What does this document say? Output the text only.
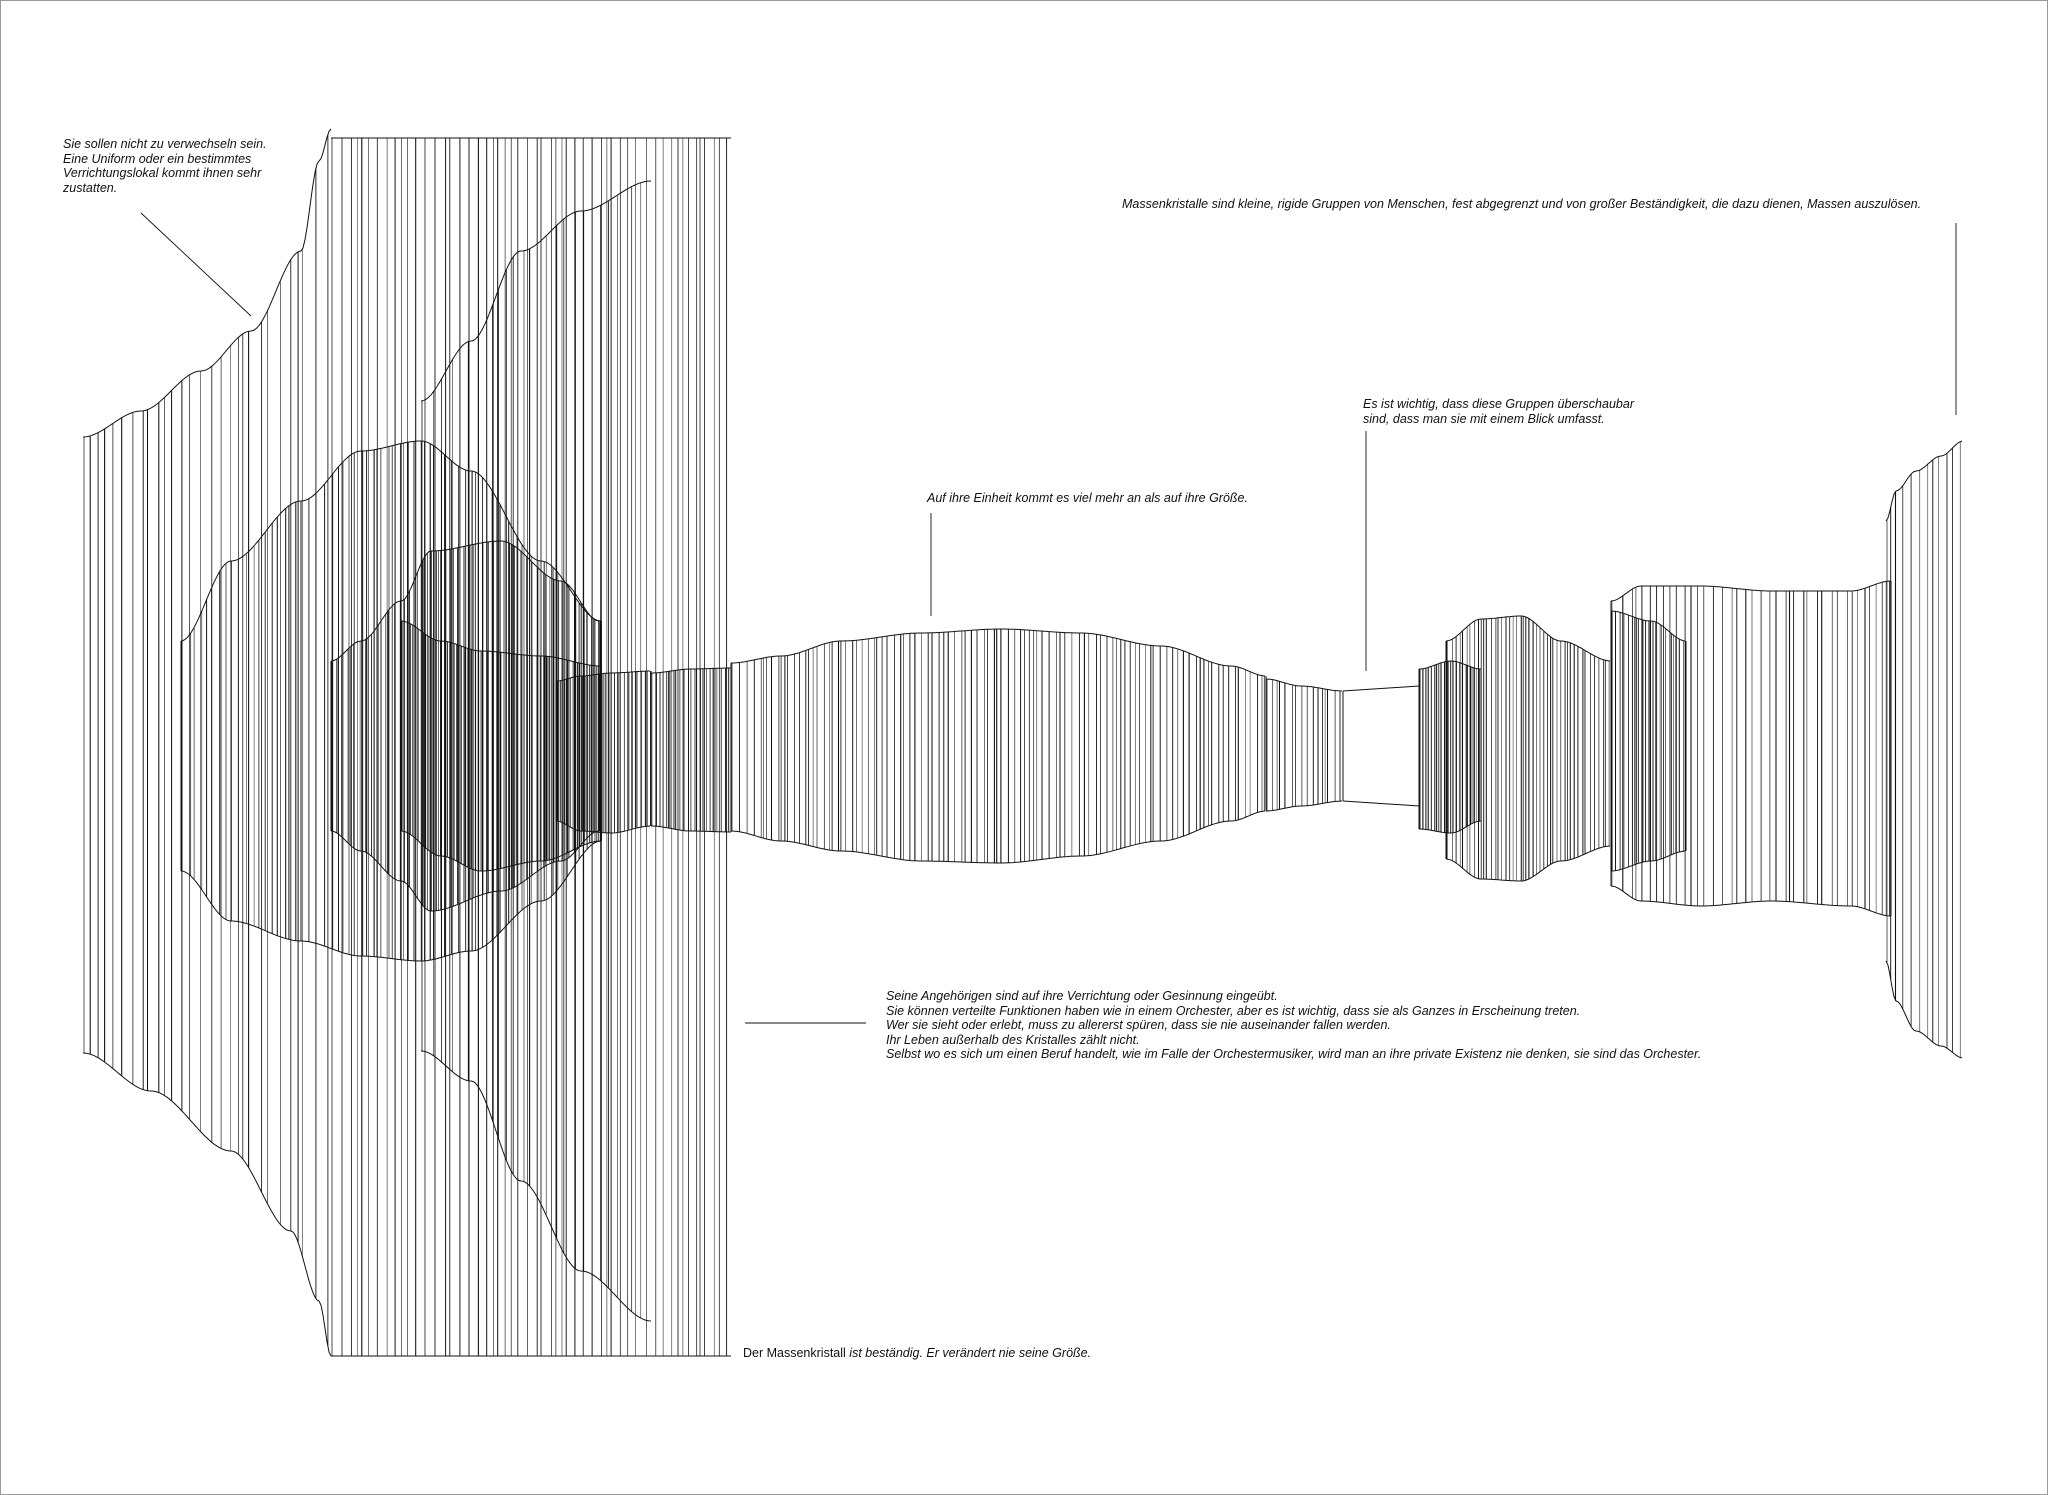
Sie sollen nicht zu verwechseln sein.
Eine Uniform oder ein bestimmtes
Verrichtungslokal kommt ihnen sehr
zustatten.

Massenkristalle sind kleine, rigide Gruppen von Menschen, fest abgegrenzt und von großer Beständigkeit, die dazu dienen, Massen auszulösen.

Es ist wichtig, dass diese Gruppen überschaubar
sind, dass man sie mit einem Blick umfasst.

Auf ihre Einheit kommt es viel mehr an als auf ihre Größe.

Seine Angehörigen sind auf ihre Verrichtung oder Gesinnung eingeübt.
Sie können verteilte Funktionen haben wie in einem Orchester, aber es ist wichtig, dass sie als Ganzes in Erscheinung treten.
Wer sie sieht oder erlebt, muss zu allererst spüren, dass sie nie auseinander fallen werden.
Ihr Leben außerhalb des Kristalles zählt nicht.
Selbst wo es sich um einen Beruf handelt, wie im Falle der Orchestermusiker, wird man an ihre private Existenz nie denken, sie sind das Orchester.

Der Massenkristall ist beständig. Er verändert nie seine Größe.
